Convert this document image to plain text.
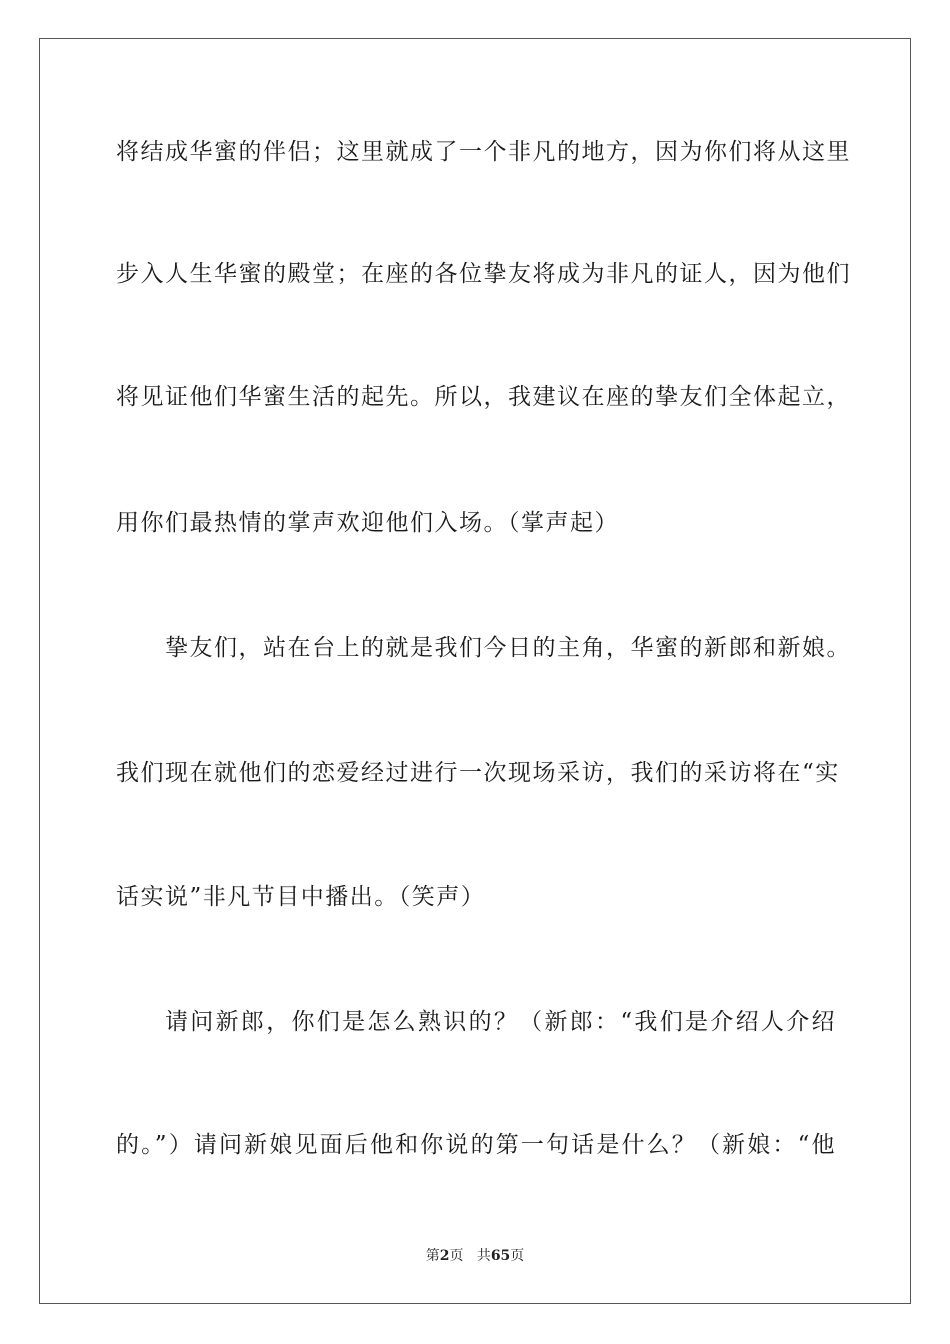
将结成华蜜的伴侣；这里就成了一个非凡的地方，因为你们将从这里
步入人生华蜜的殿堂；在座的各位挚友将成为非凡的证人，因为他们
将见证他们华蜜生活的起先。所以，我建议在座的挚友们全体起立，
用你们最热情的掌声欢迎他们入场。（掌声起）
挚友们，站在台上的就是我们今日的主角，华蜜的新郎和新娘。
我们现在就他们的恋爱经过进行一次现场采访，我们的采访将在“实
话实说”非凡节目中播出。（笑声）
请问新郎，你们是怎么熟识的？（新郎：“我们是介绍人介绍
的。”）请问新娘见面后他和你说的第一句话是什么？（新娘：“他
第2页 共65页
